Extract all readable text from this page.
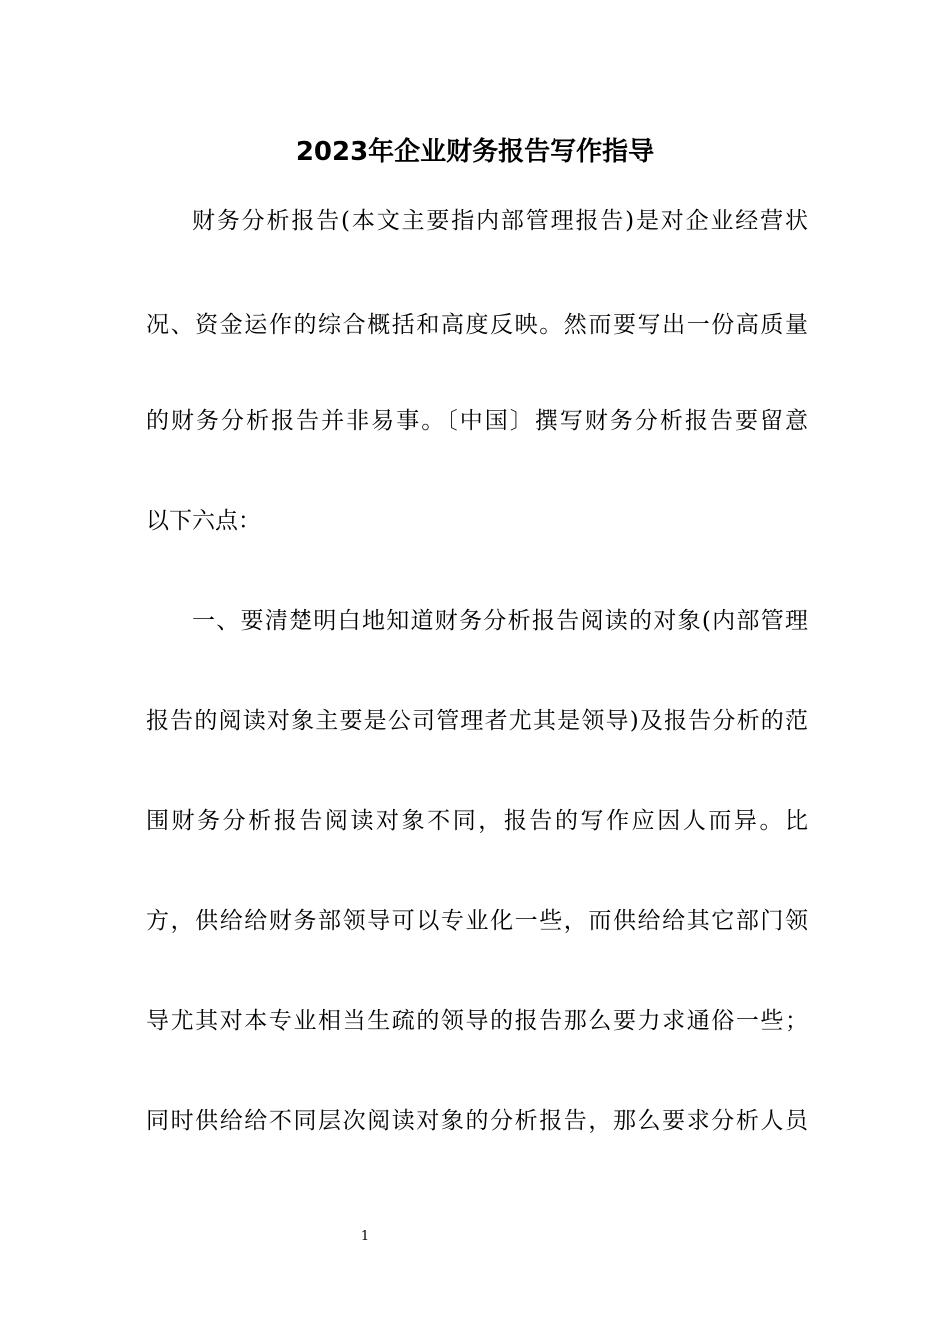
2023年企业财务报告写作指导
财务分析报告(本文主要指内部管理报告)是对企业经营状
况、资金运作的综合概括和高度反映。然而要写出一份高质量
的财务分析报告并非易事。〔中国〕撰写财务分析报告要留意
以下六点：
一、要清楚明白地知道财务分析报告阅读的对象(内部管理
报告的阅读对象主要是公司管理者尤其是领导)及报告分析的范
围财务分析报告阅读对象不同，报告的写作应因人而异。比
方，供给给财务部领导可以专业化一些，而供给给其它部门领
导尤其对本专业相当生疏的领导的报告那么要力求通俗一些；
同时供给给不同层次阅读对象的分析报告，那么要求分析人员
1
